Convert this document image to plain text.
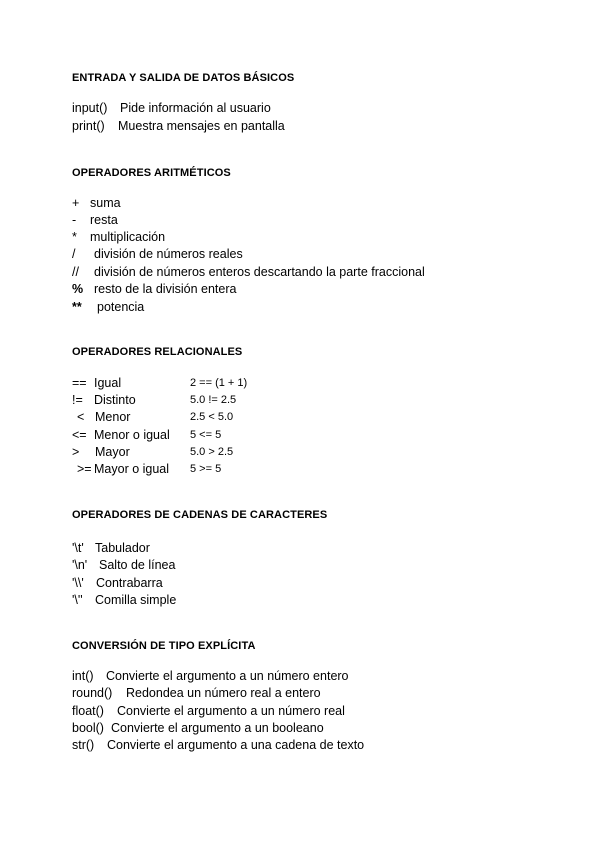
ENTRADA Y SALIDA DE DATOS BÁSICOS
input() Pide información al usuario
print() Muestra mensajes en pantalla
OPERADORES ARITMÉTICOS
+ suma
- resta
* multiplicación
/ división de números reales
// división de números enteros descartando la parte fraccional
% resto de la división entera
** potencia
OPERADORES RELACIONALES
== Igual	2 == (1 + 1)
!= Distinto	5.0 != 2.5
< Menor	2.5 < 5.0
<= Menor o igual 5 <= 5
> Mayor	5.0 > 2.5
>= Mayor o igual 5 >= 5
OPERADORES DE CADENAS DE CARACTERES
'\t' Tabulador
'\n' Salto de línea
'\\' Contrabarra
'\'' Comilla simple
CONVERSIÓN DE TIPO EXPLÍCITA
int() Convierte el argumento a un número entero
round() Redondea un número real a entero
float() Convierte el argumento a un número real
bool() Convierte el argumento a un booleano
str() Convierte el argumento a una cadena de texto
